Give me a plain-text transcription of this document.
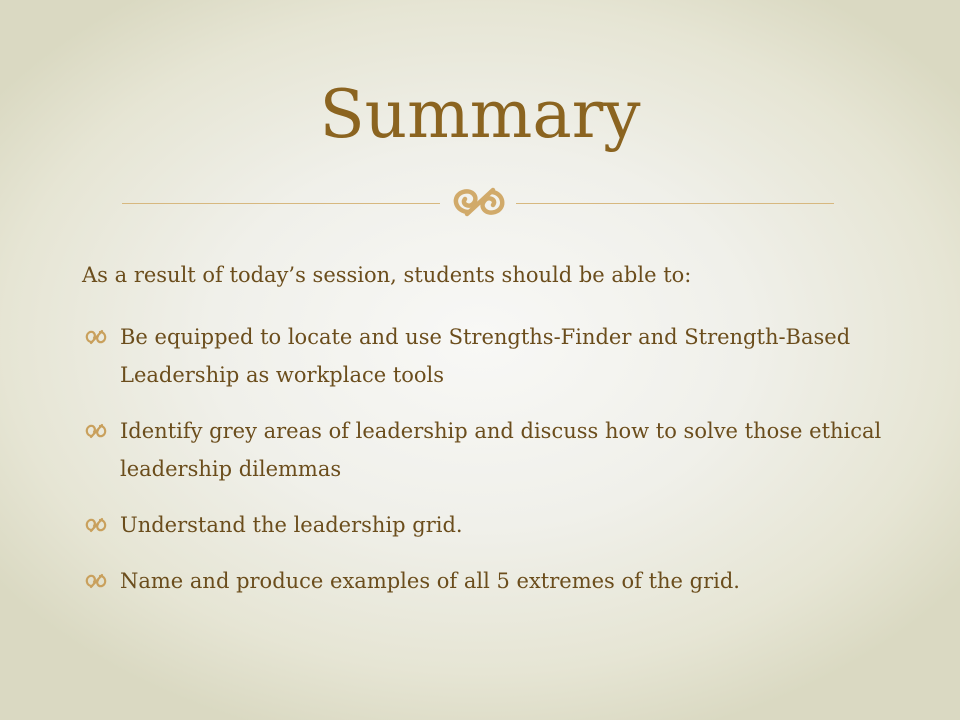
Summary

As a result of today’s session, students should be able to:

Be equipped to locate and use Strengths-Finder and Strength-Based Leadership as workplace tools
Identify grey areas of leadership and discuss how to solve those ethical leadership dilemmas
Understand the leadership grid.
Name and produce examples of all 5 extremes of the grid.
